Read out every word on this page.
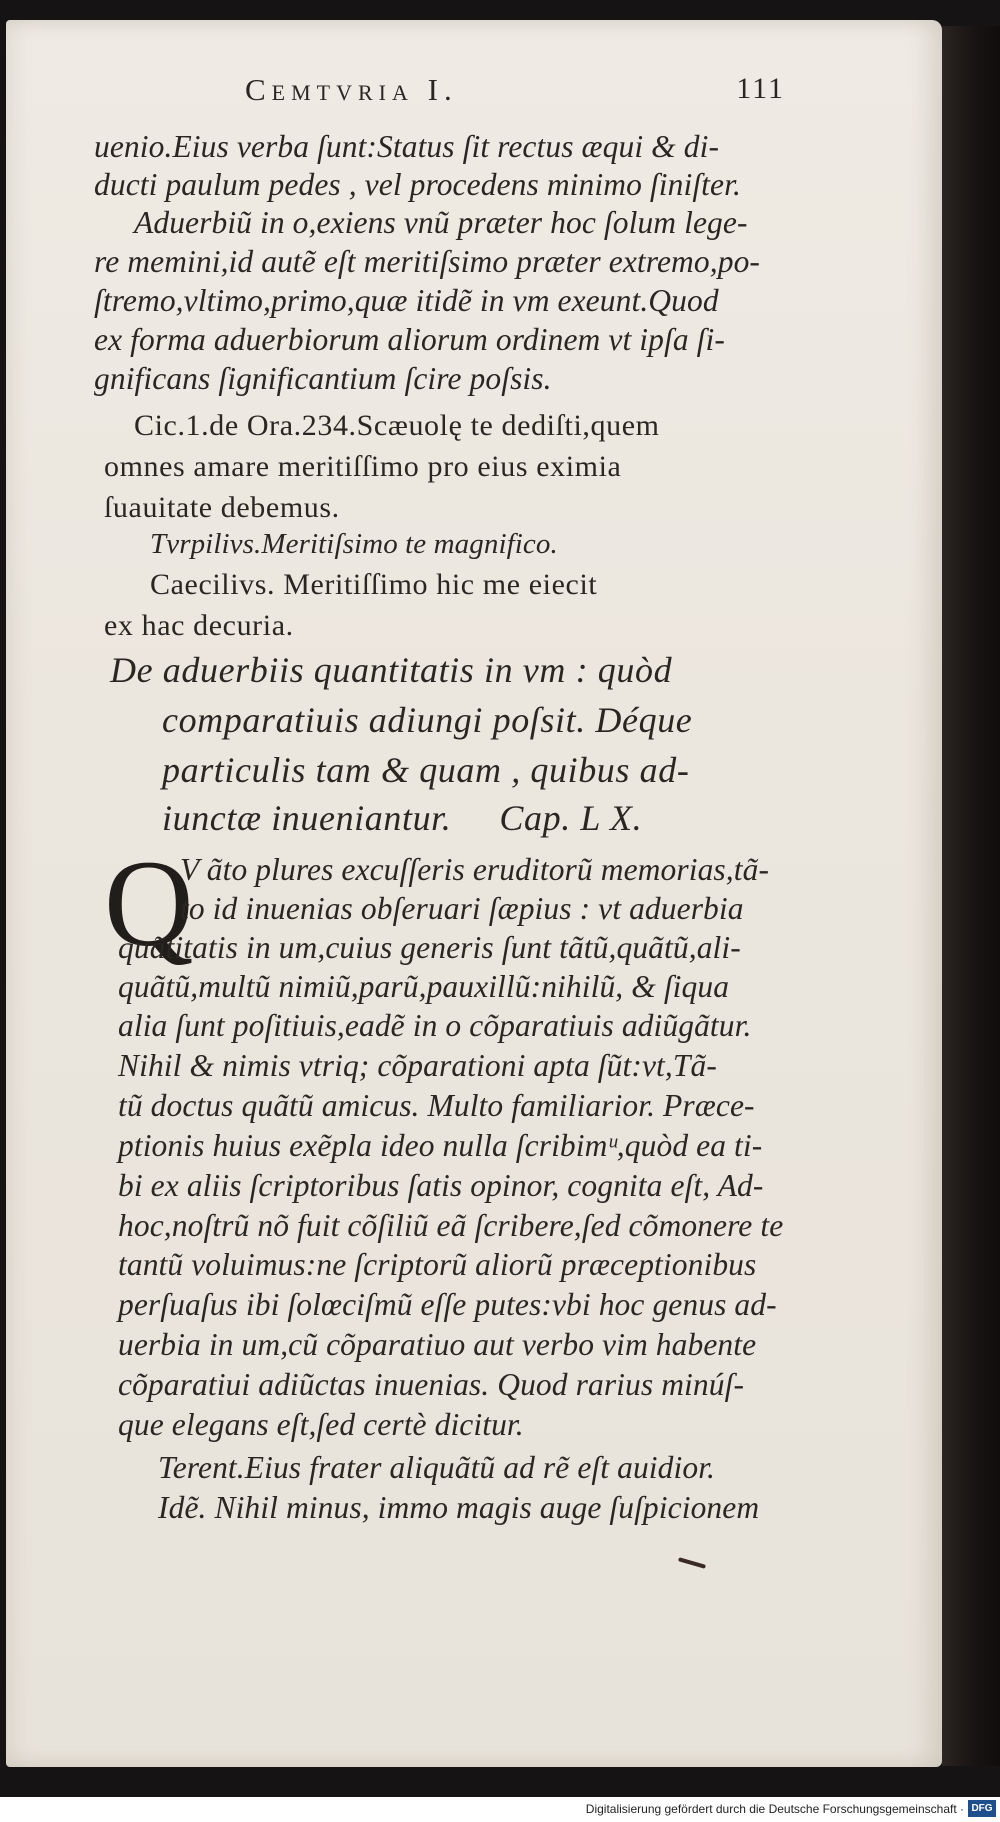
Cemtvria I.	111
uenio.Eius verba ſunt:Status ſit rectus æqui & di-
ducti paulum pedes , vel procedens minimo ſiniſter.
Aduerbiũ in o,exiens vnũ præter hoc ſolum lege-
re memini,id autẽ eſt meritiſsimo præter extremo,po-
ſtremo,vltimo,primo,quæ itidẽ in vm exeunt.Quod
ex forma aduerbiorum aliorum ordinem vt ipſa ſi-
gnificans ſignificantium ſcire poſsis.
Cic.1.de Ora.234.Scæuolę te dediſti,quem
omnes amare meritiſſimo pro eius eximia
ſuauitate debemus.
Tvrpilivs.Meritiſsimo te magnifico.
Caecilivs. Meritiſſimo hic me eiecit
ex hac decuria.
De aduerbiis quantitatis in vm : quòd
comparatiuis adiungi poſsit. Déque
particulis tam & quam , quibus ad-
iunctæ inueniantur.     Cap. L X.
Q
V ãto plures excuſſeris eruditorũ memorias,tã-
to id inuenias obſeruari ſæpius : vt aduerbia
quãtitatis in um,cuius generis ſunt tãtũ,quãtũ,ali-
quãtũ,multũ nimiũ,parũ,pauxillũ:nihilũ, & ſiqua
alia ſunt poſitiuis,eadẽ in o cõparatiuis adiũgãtur.
Nihil & nimis vtriq; cõparationi apta ſũt:vt,Tã-
tũ doctus quãtũ amicus. Multo familiarior. Præce-
ptionis huius exẽpla ideo nulla ſcribimᵘ,quòd ea ti-
bi ex aliis ſcriptoribus ſatis opinor, cognita eſt, Ad-
hoc,noſtrũ nõ fuit cõſiliũ eã ſcribere,ſed cõmonere te
tantũ voluimus:ne ſcriptorũ aliorũ præceptionibus
perſuaſus ibi ſolœciſmũ eſſe putes:vbi hoc genus ad-
uerbia in um,cũ cõparatiuo aut verbo vim habente
cõparatiui adiũctas inuenias. Quod rarius minúſ-
que elegans eſt,ſed certè dicitur.
Terent.Eius frater aliquãtũ ad rẽ eſt auidior.
Idẽ. Nihil minus, immo magis auge ſuſpicionem
Digitalisierung gefördert durch die Deutsche Forschungsgemeinschaft · DFG
